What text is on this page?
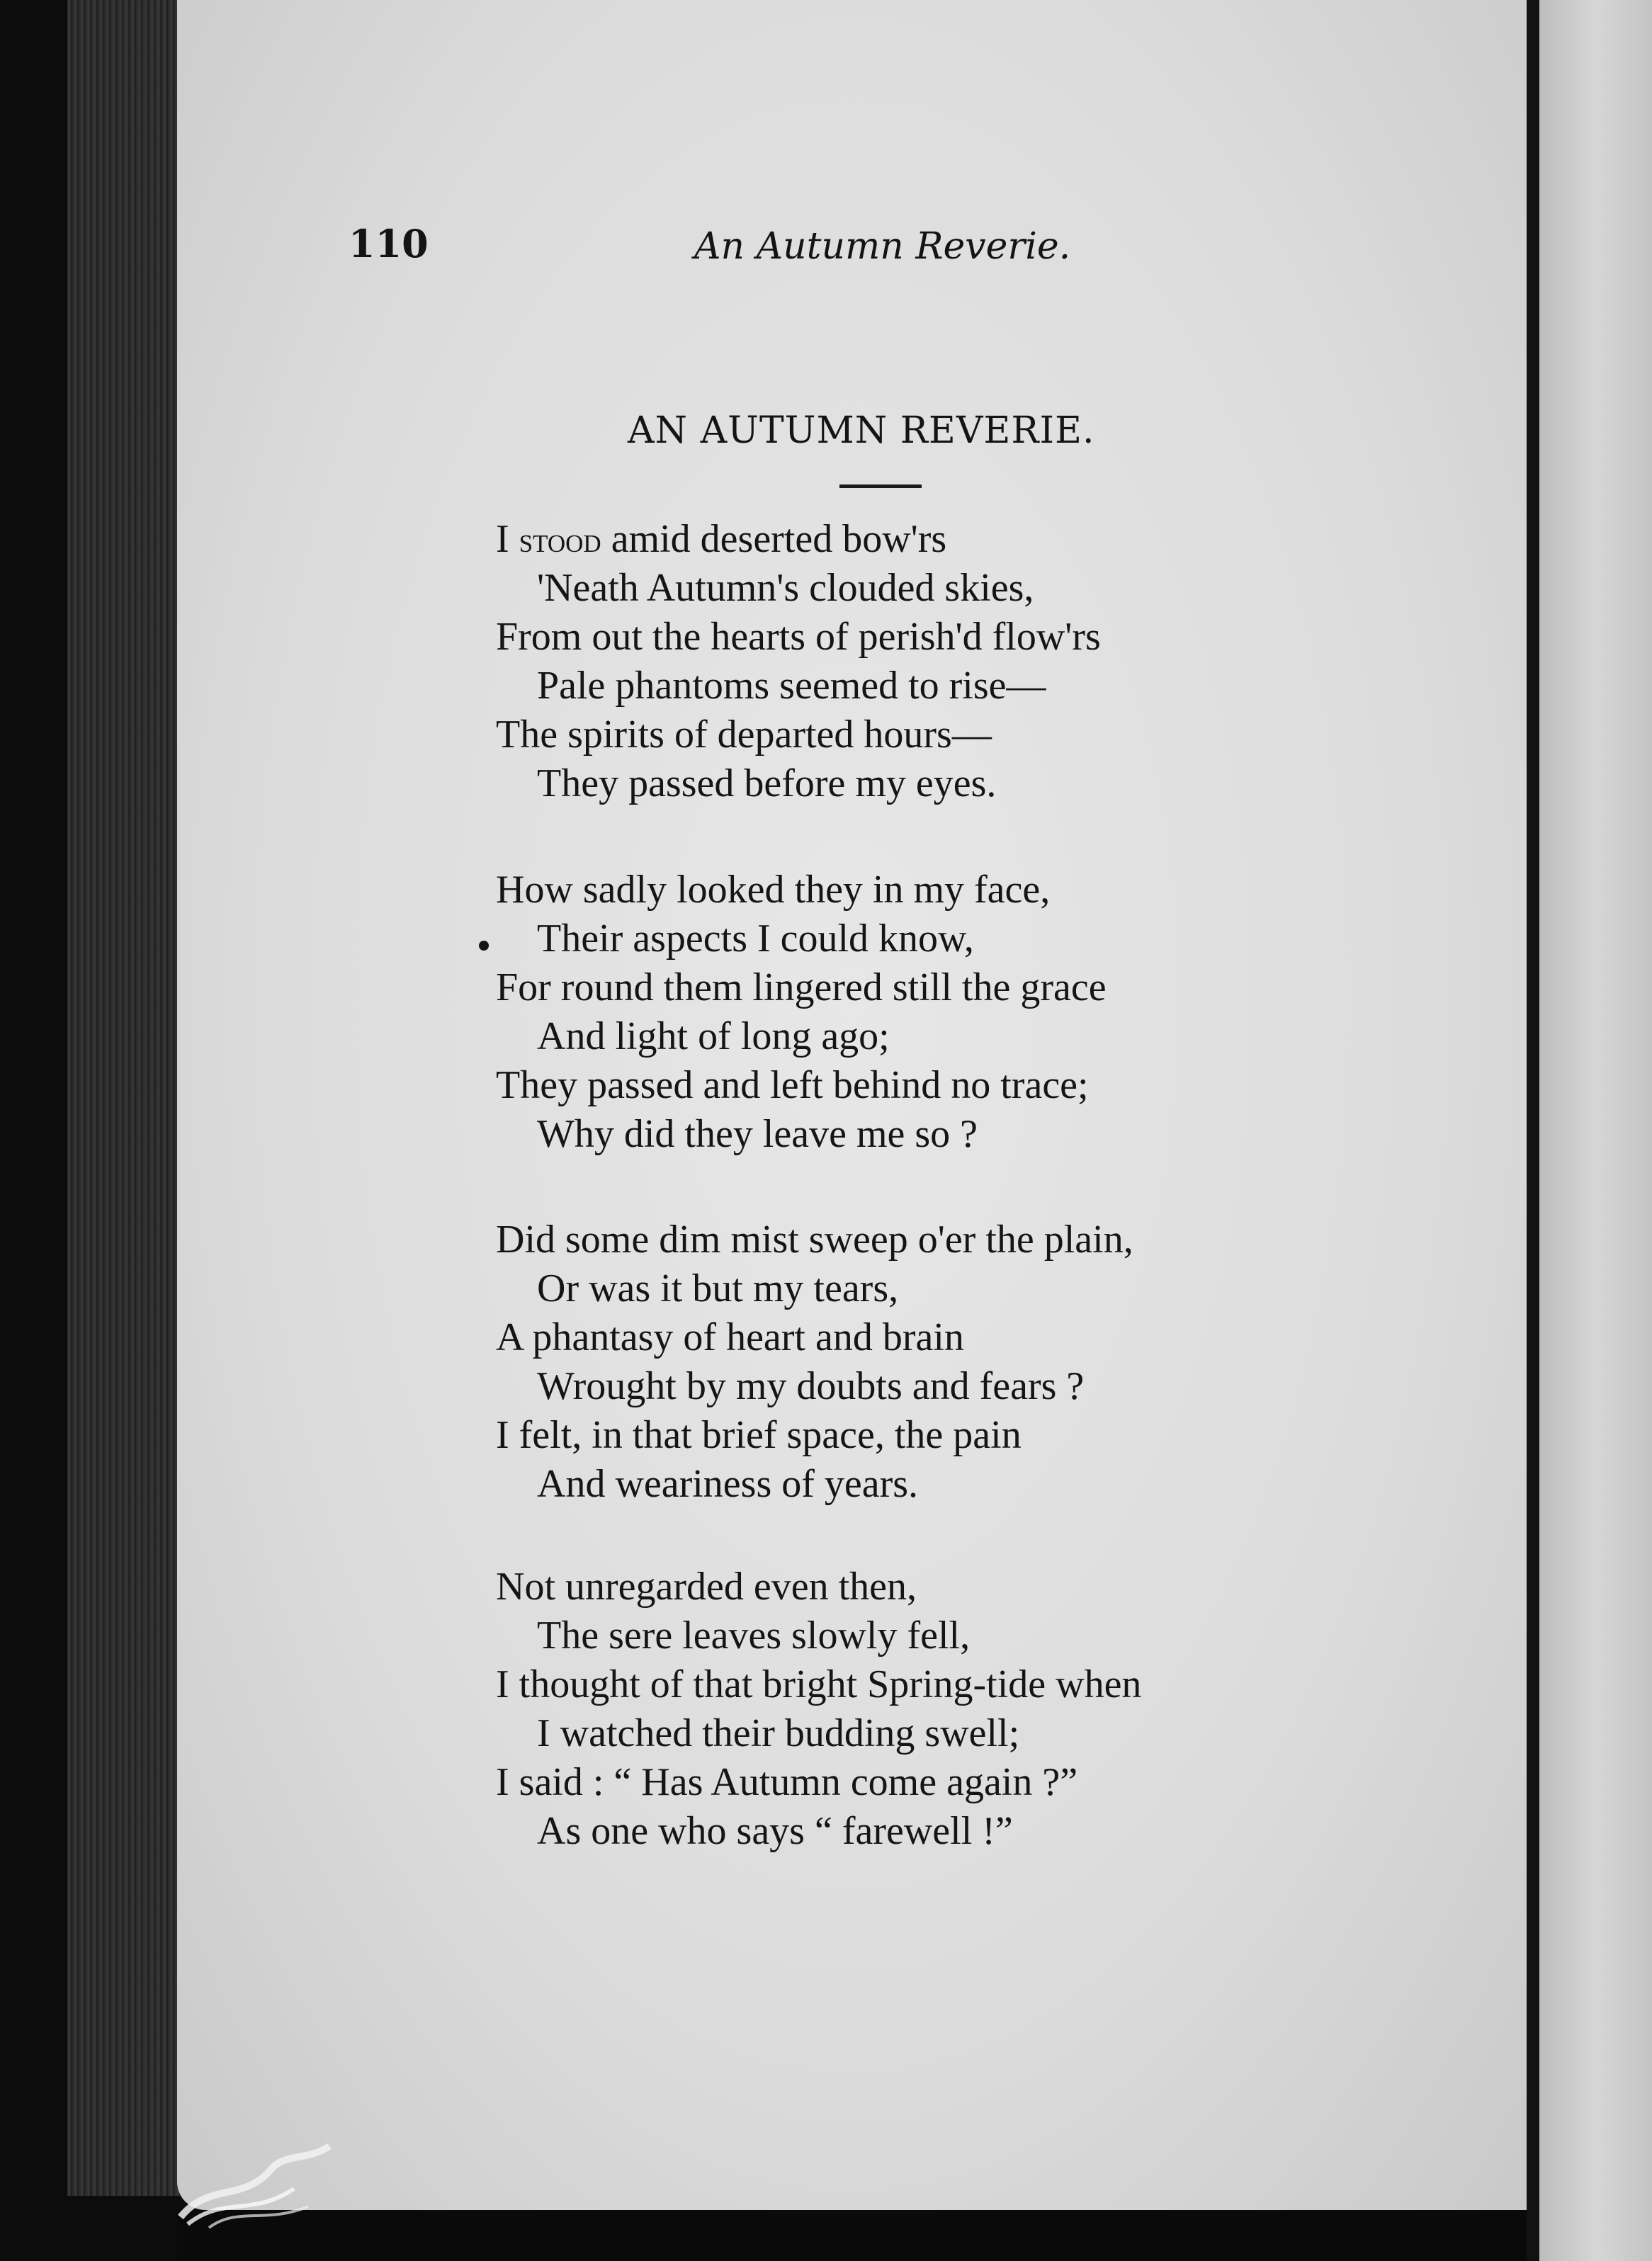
110	An Autumn Reverie.
AN AUTUMN REVERIE.
I stood amid deserted bow'rs
'Neath Autumn's clouded skies,
From out the hearts of perish'd flow'rs
Pale phantoms seemed to rise—
The spirits of departed hours—
They passed before my eyes.
How sadly looked they in my face,
Their aspects I could know,
For round them lingered still the grace
And light of long ago;
They passed and left behind no trace;
Why did they leave me so ?
Did some dim mist sweep o'er the plain,
Or was it but my tears,
A phantasy of heart and brain
Wrought by my doubts and fears ?
I felt, in that brief space, the pain
And weariness of years.
Not unregarded even then,
The sere leaves slowly fell,
I thought of that bright Spring-tide when
I watched their budding swell;
I said : “ Has Autumn come again ?”
As one who says “ farewell !”
